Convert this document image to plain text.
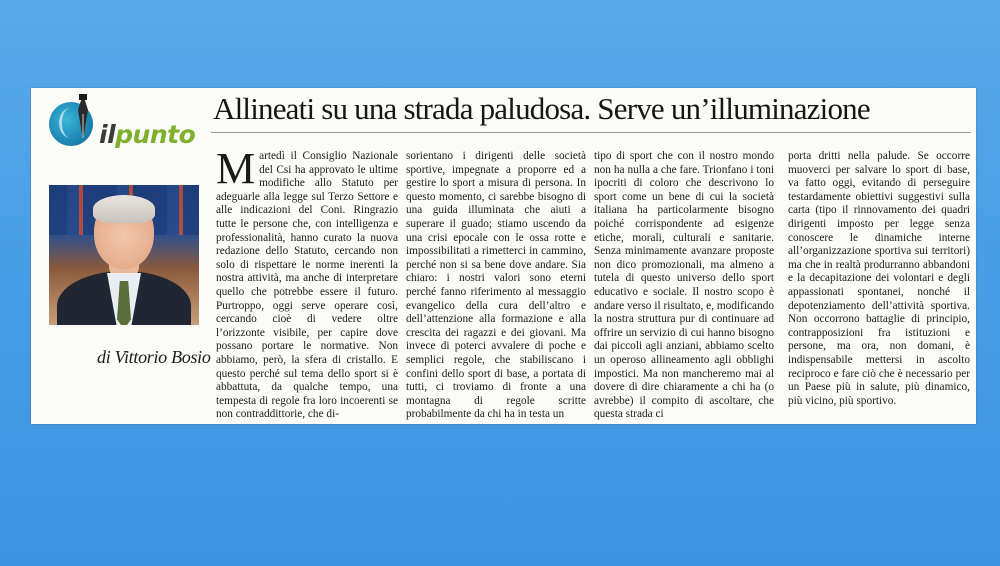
ilpunto
Allineati su una strada paludosa. Serve un’illuminazione
di Vittorio Bosio
M artedì il Consiglio Nazionale del Csi ha approvato le ultime modifiche allo Statuto per adeguarle alla legge sul Terzo Settore e alle indicazioni del Coni. Ringrazio tutte le persone che, con intelligenza e professionalità, hanno curato la nuova redazione dello Statuto, cercando non solo di rispettare le norme inerenti la nostra attività, ma anche di interpretare quello che potrebbe essere il futuro. Purtroppo, oggi serve operare così, cercando cioè di vedere oltre l’orizzonte visibile, per capire dove possano portare le normative. Non abbiamo, però, la sfera di cristallo. E questo perché sul tema dello sport si è abbattuta, da qualche tempo, una tempesta di regole fra loro incoerenti se non contraddittorie, che di-

sorientano i dirigenti delle società sportive, impegnate a proporre ed a gestire lo sport a misura di persona. In questo momento, ci sarebbe bisogno di una guida illuminata che aiuti a superare il guado; stiamo uscendo da una crisi epocale con le ossa rotte e impossibilitati a rimetterci in cammino, perché non si sa bene dove andare. Sia chiaro: i nostri valori sono eterni perché fanno riferimento al messaggio evangelico della cura dell’altro e dell’attenzione alla formazione e alla crescita dei ragazzi e dei giovani. Ma invece di poterci avvalere di poche e semplici regole, che stabiliscano i confini dello sport di base, a portata di tutti, ci troviamo di fronte a una montagna di regole scritte probabilmente da chi ha in testa un

tipo di sport che con il nostro mondo non ha nulla a che fare. Trionfano i toni ipocriti di coloro che descrivono lo sport come un bene di cui la società italiana ha particolarmente bisogno poiché corrispondente ad esigenze etiche, morali, culturali e sanitarie. Senza minimamente avanzare proposte non dico promozionali, ma almeno a tutela di questo universo dello sport educativo e sociale. Il nostro scopo è andare verso il risultato, e, modificando la nostra struttura pur di continuare ad offrire un servizio di cui hanno bisogno dai piccoli agli anziani, abbiamo scelto un operoso allineamento agli obblighi impostici. Ma non mancheremo mai al dovere di dire chiaramente a chi ha (o avrebbe) il compito di ascoltare, che questa strada ci

porta dritti nella palude. Se occorre muoverci per salvare lo sport di base, va fatto oggi, evitando di perseguire testardamente obiettivi suggestivi sulla carta (tipo il rinnovamento dei quadri dirigenti imposto per legge senza conoscere le dinamiche interne all’organizzazione sportiva sui territori) ma che in realtà produrranno abbandoni e la decapitazione dei volontari e degli appassionati spontanei, nonché il depotenziamento dell’attività sportiva. Non occorrono battaglie di principio, contrapposizioni fra istituzioni e persone, ma ora, non domani, è indispensabile mettersi in ascolto reciproco e fare ciò che è necessario per un Paese più in salute, più dinamico, più vicino, più sportivo.
